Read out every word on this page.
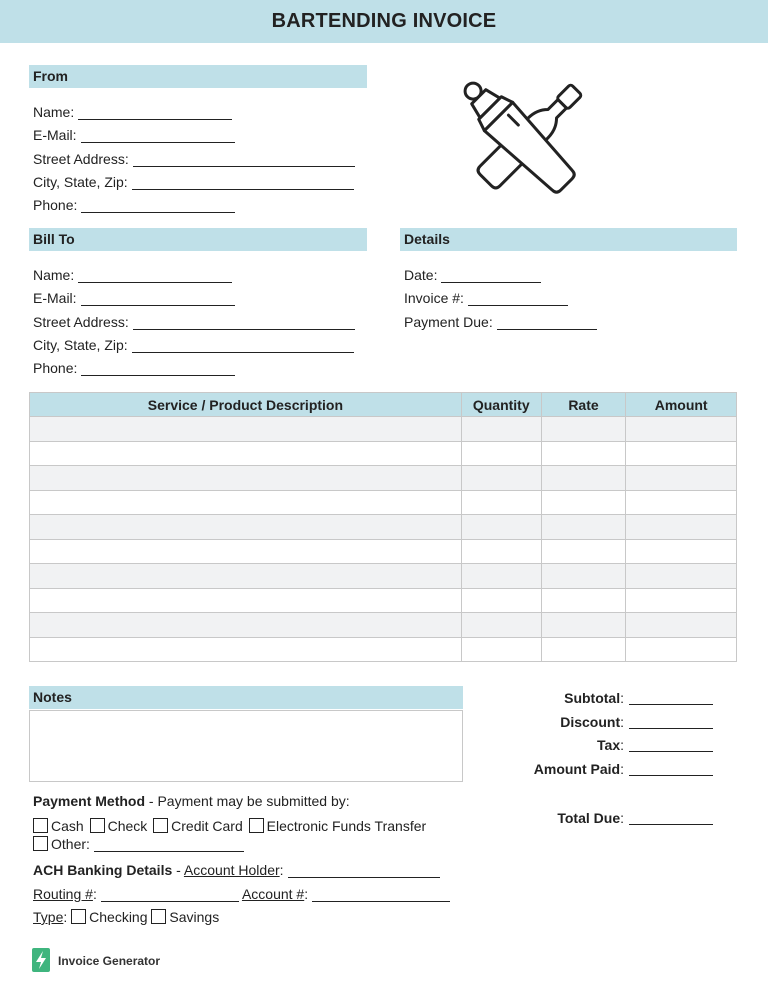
BARTENDING INVOICE
From
Name:
E-Mail:
Street Address:
City, State, Zip:
Phone:
Bill To
Name:
E-Mail:
Street Address:
City, State, Zip:
Phone:
Details
Date:
Invoice #:
Payment Due:
Service / Product Description	Quantity	Rate	Amount

Notes	Subtotal:
Discount:
Tax:
Amount Paid:
Total Due:
Payment Method - Payment may be submitted by:
Cash Check Credit Card Electronic Funds Transfer
Other:
ACH Banking Details - Account Holder:
Routing #:	Account #:
Type: Checking Savings
Invoice Generator
